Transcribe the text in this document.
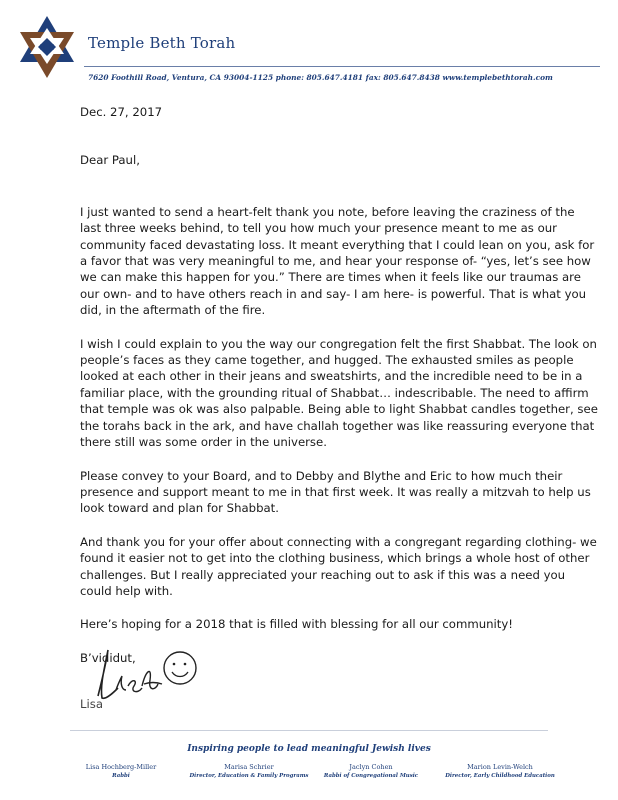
Temple Beth Torah
7620 Foothill Road, Ventura, CA 93004-1125 phone: 805.647.4181 fax: 805.647.8438 www.templebethtorah.com

Dec. 27, 2017

Dear Paul,

I just wanted to send a heart-felt thank you note, before leaving the craziness of the last three weeks behind, to tell you how much your presence meant to me as our community faced devastating loss. It meant everything that I could lean on you, ask for a favor that was very meaningful to me, and hear your response of- “yes, let’s see how we can make this happen for you.” There are times when it feels like our traumas are our own- and to have others reach in and say- I am here- is powerful. That is what you did, in the aftermath of the fire.

I wish I could explain to you the way our congregation felt the first Shabbat. The look on people’s faces as they came together, and hugged. The exhausted smiles as people looked at each other in their jeans and sweatshirts, and the incredible need to be in a familiar place, with the grounding ritual of Shabbat… indescribable. The need to affirm that temple was ok was also palpable. Being able to light Shabbat candles together, see the torahs back in the ark, and have challah together was like reassuring everyone that there still was some order in the universe.

Please convey to your Board, and to Debby and Blythe and Eric to how much their presence and support meant to me in that first week. It was really a mitzvah to help us look toward and plan for Shabbat.

And thank you for your offer about connecting with a congregant regarding clothing- we found it easier not to get into the clothing business, which brings a whole host of other challenges. But I really appreciated your reaching out to ask if this was a need you could help with.

Here’s hoping for a 2018 that is filled with blessing for all our community!

B’vididut,

Lisa
Inspiring people to lead meaningful Jewish lives
Lisa Hochberg-Miller
Rabbi
Marisa Schrier
Director, Education & Family Programs
Jaclyn Cohen
Rabbi of Congregational Music
Marion Levin-Welch
Director, Early Childhood Education
